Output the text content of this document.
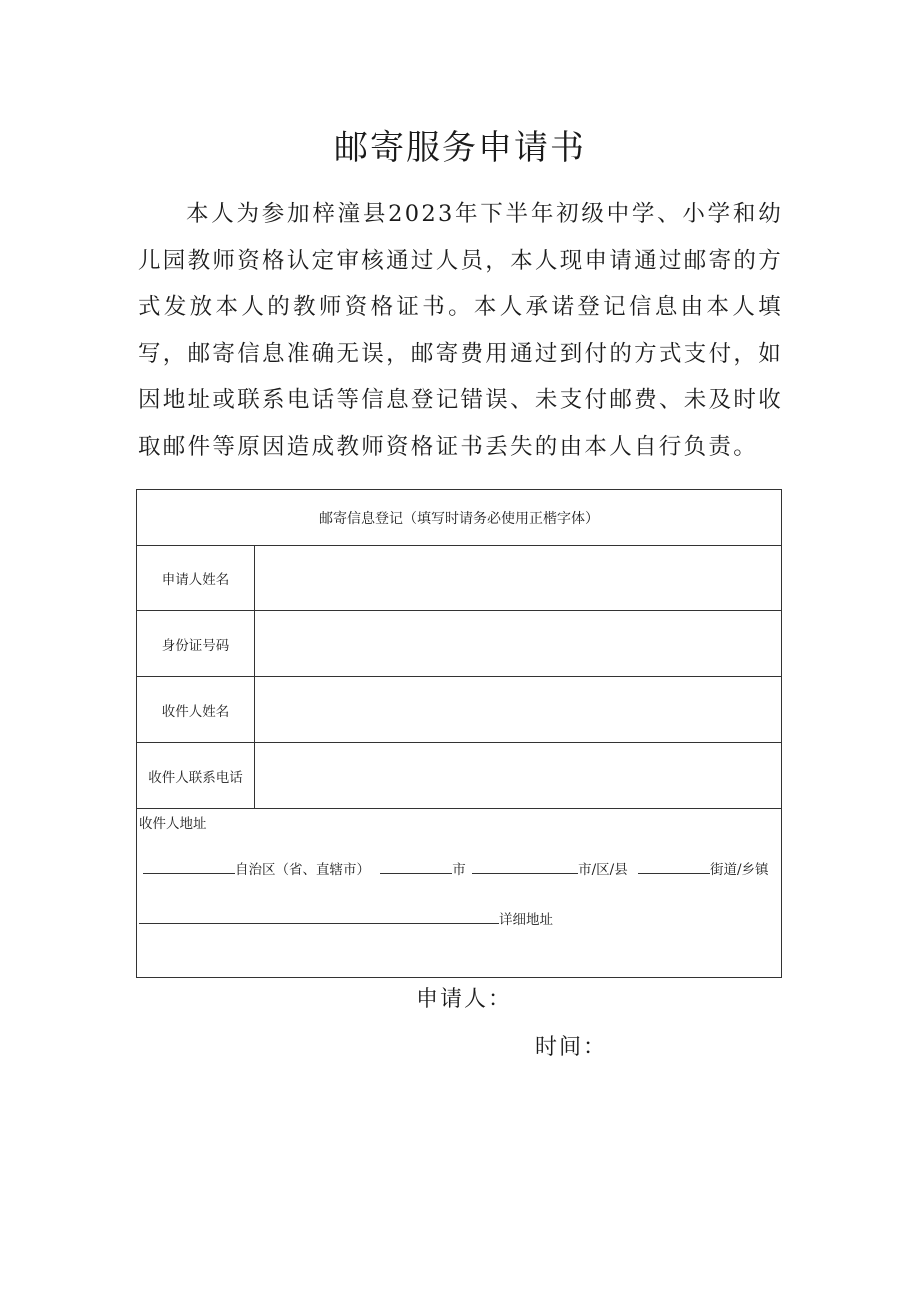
邮寄服务申请书

本人为参加梓潼县2023年下半年初级中学、小学和幼儿园教师资格认定审核通过人员，本人现申请通过邮寄的方式发放本人的教师资格证书。本人承诺登记信息由本人填写，邮寄信息准确无误，邮寄费用通过到付的方式支付，如因地址或联系电话等信息登记错误、未支付邮费、未及时收取邮件等原因造成教师资格证书丢失的由本人自行负责。

邮寄信息登记（填写时请务必使用正楷字体）
申请人姓名
身份证号码
收件人姓名
收件人联系电话
收件人地址
自治区（省、直辖市）	市	市/区/县	街道/乡镇
详细地址
申请人：
时间：
